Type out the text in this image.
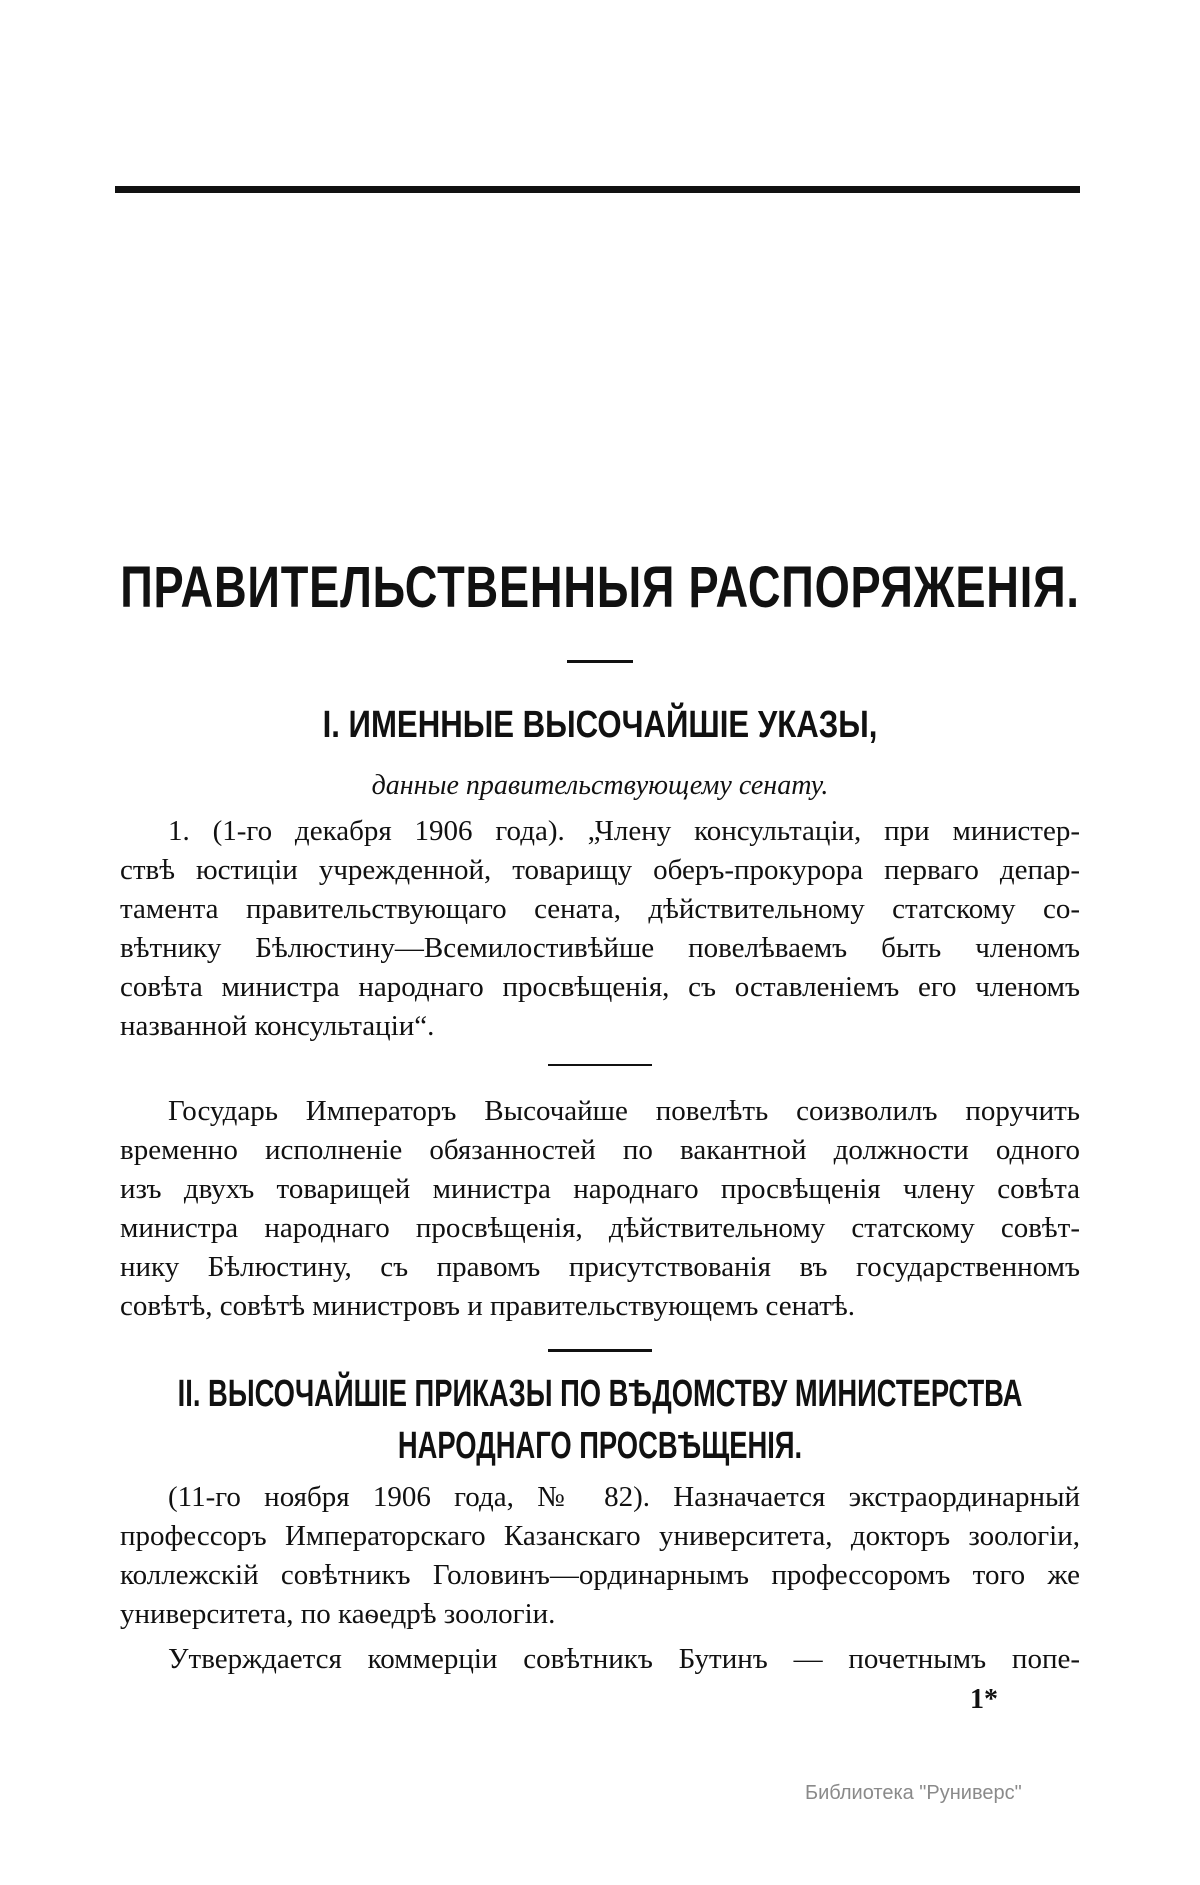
ПРАВИТЕЛЬСТВЕННЫЯ РАСПОРЯЖЕНІЯ.
I. ИМЕННЫЕ ВЫСОЧАЙШІЕ УКАЗЫ,
данные правительствующему сенату.
1. (1-го декабря 1906 года). „Члену консультаціи, при министер-
ствѣ юстиціи учрежденной, товарищу оберъ-прокурора перваго депар-
тамента правительствующаго сената, дѣйствительному статскому со-
вѣтнику Бѣлюстину—Всемилостивѣйше повелѣваемъ быть членомъ
совѣта министра народнаго просвѣщенія, съ оставленіемъ его членомъ
названной консультаціи“.
Государь Императоръ Высочайше повелѣть соизволилъ поручить
временно исполненіе обязанностей по вакантной должности одного
изъ двухъ товарищей министра народнаго просвѣщенія члену совѣта
министра народнаго просвѣщенія, дѣйствительному статскому совѣт-
нику Бѣлюстину, съ правомъ присутствованія въ государственномъ
совѣтѣ, совѣтѣ министровъ и правительствующемъ сенатѣ.
II. ВЫСОЧАЙШІЕ ПРИКАЗЫ ПО ВѢДОМСТВУ МИНИСТЕРСТВА
НАРОДНАГО ПРОСВѢЩЕНІЯ.
(11-го ноября 1906 года, № 82). Назначается экстраординарный
профессоръ Императорскаго Казанскаго университета, докторъ зоологіи,
коллежскій совѣтникъ Головинъ—ординарнымъ профессоромъ того же
университета, по каѳедрѣ зоологіи.
Утверждается коммерціи совѣтникъ Бутинъ — почетнымъ попе-
1*
Библиотека "Руниверс"
